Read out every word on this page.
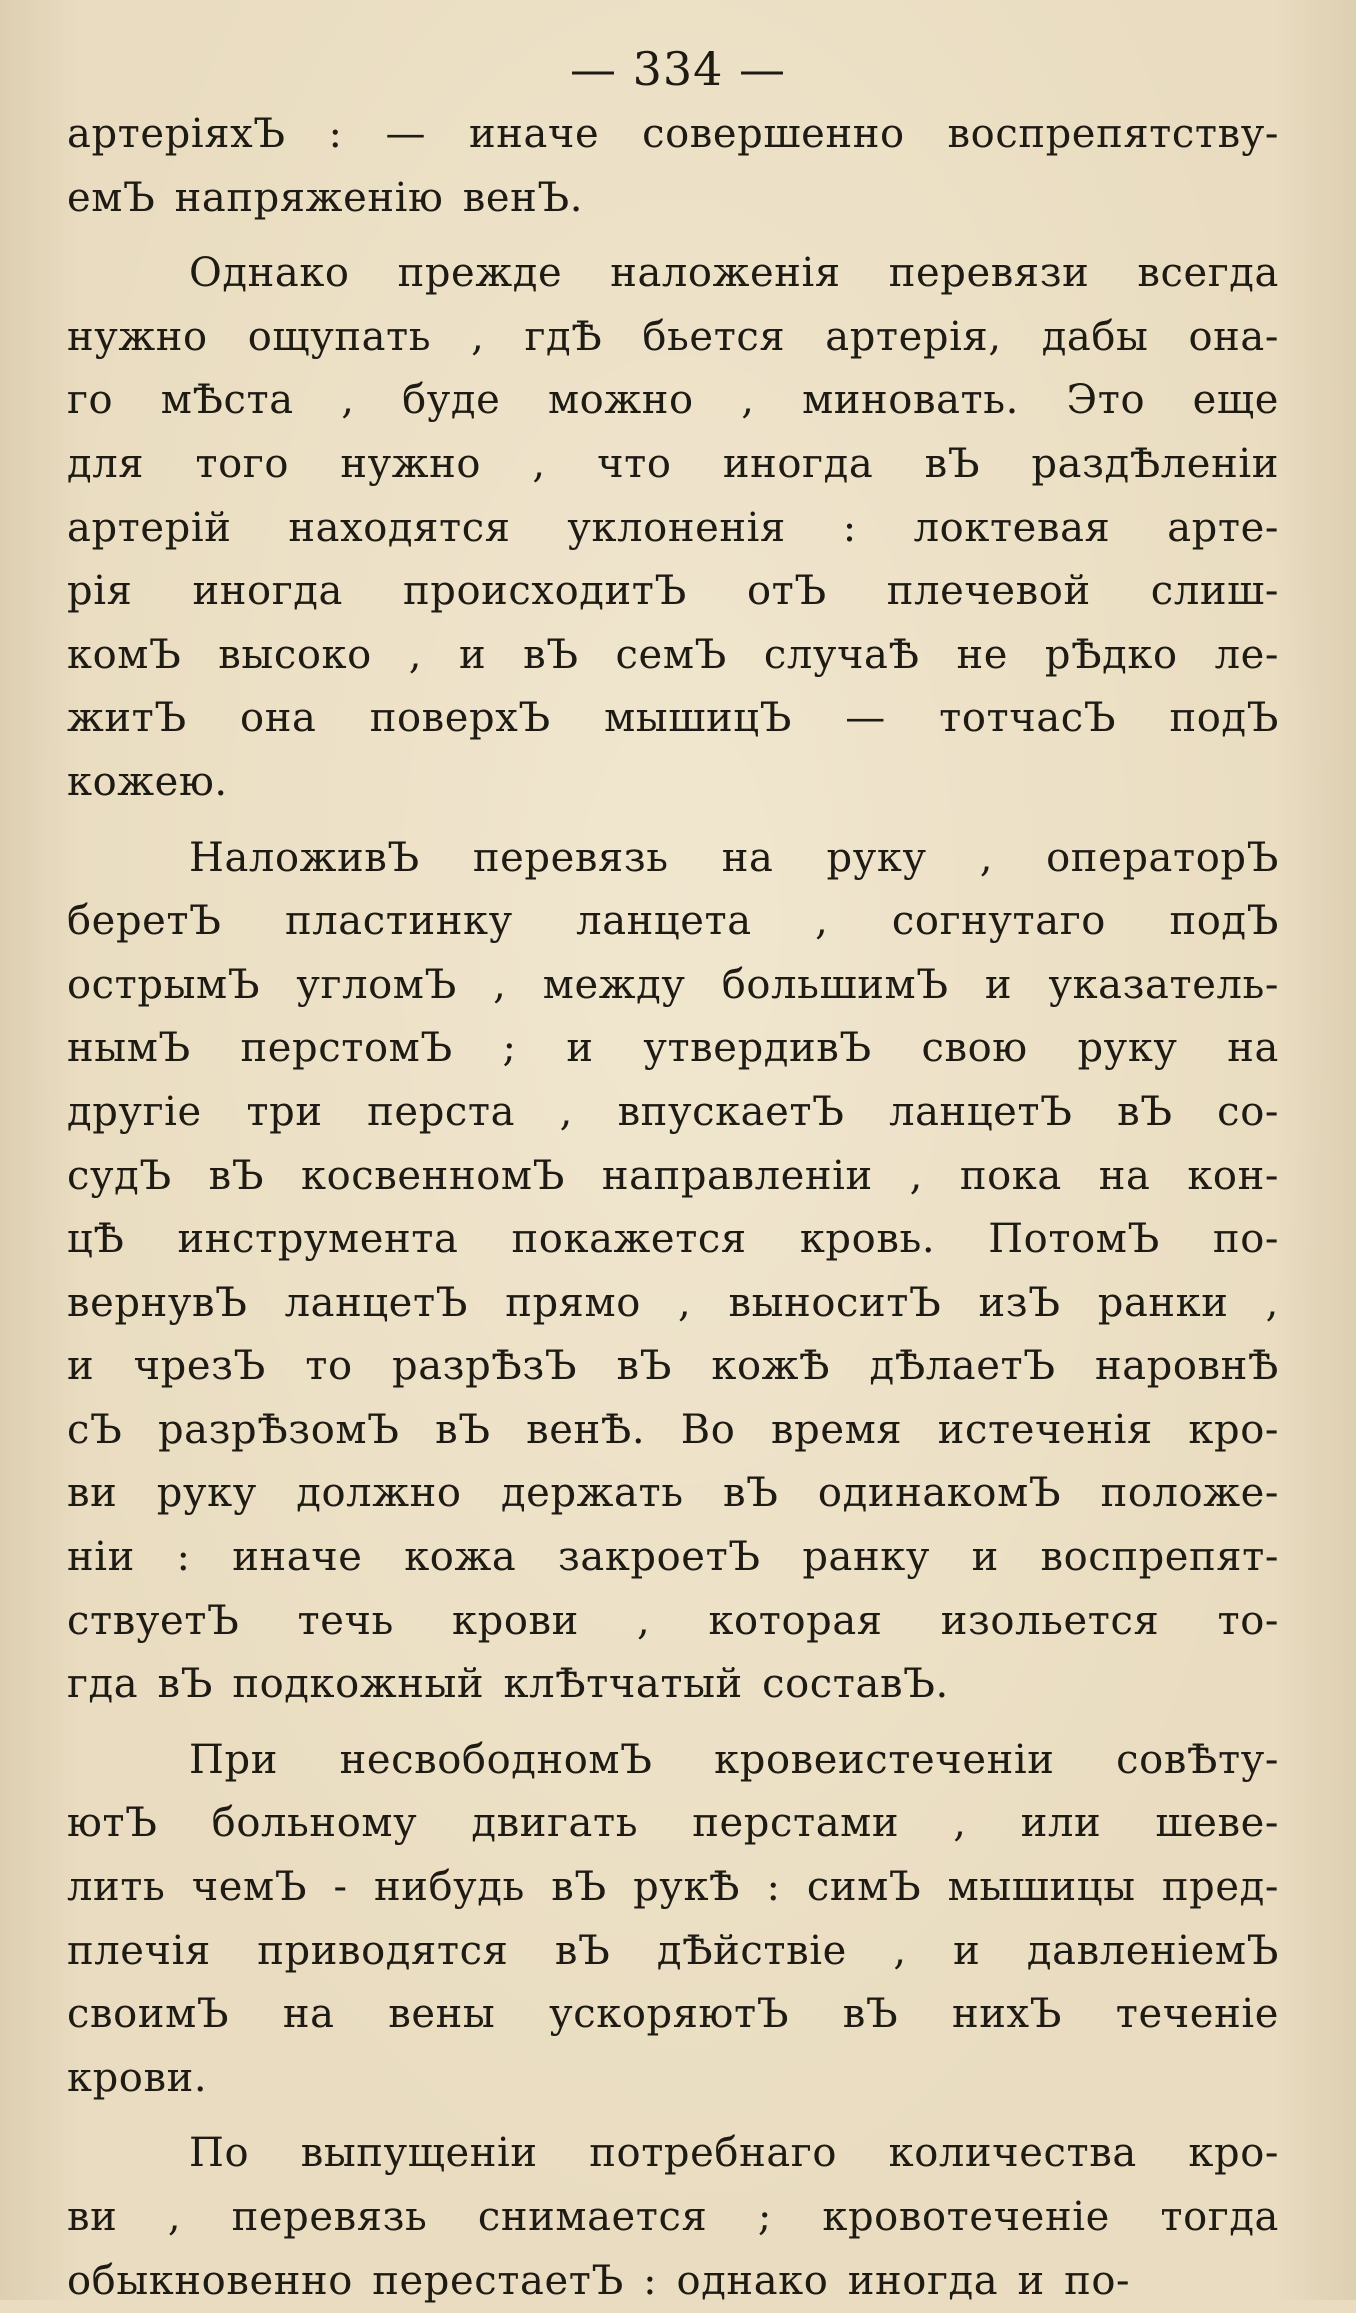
— 334 —
артеріяхЪ : — иначе совершенно воспрепятству-
емЪ напряженію венЪ.
Однако прежде наложенія перевязи всегда
нужно ощупать , гдѢ бьется артерія, дабы она-
го мѢста , буде можно , миновать. Это еще
для того нужно , что иногда вЪ раздѢленіи
артерій находятся уклоненія : локтевая арте-
рія иногда происходитЪ отЪ плечевой слиш-
комЪ высоко , и вЪ семЪ случаѢ не рѢдко ле-
житЪ она поверхЪ мышицЪ — тотчасЪ подЪ
кожею.
НаложивЪ перевязь на руку , операторЪ
беретЪ пластинку ланцета , согнутаго подЪ
острымЪ угломЪ , между большимЪ и указатель-
нымЪ перстомЪ ; и утвердивЪ свою руку на
другіе три перста , впускаетЪ ланцетЪ вЪ со-
судЪ вЪ косвенномЪ направленіи , пока на кон-
цѢ инструмента покажется кровь. ПотомЪ по-
вернувЪ ланцетЪ прямо , выноситЪ изЪ ранки ,
и чрезЪ то разрѢзЪ вЪ кожѢ дѢлаетЪ наровнѢ
сЪ разрѢзомЪ вЪ венѢ. Во время истеченія кро-
ви руку должно держать вЪ одинакомЪ положе-
ніи : иначе кожа закроетЪ ранку и воспрепят-
ствуетЪ течь крови , которая изольется то-
гда вЪ подкожный клѢтчатый составЪ.
При несвободномЪ кровеистеченіи совѢту-
ютЪ больному двигать перстами , или шеве-
лить чемЪ - нибудь вЪ рукѢ : симЪ мышицы пред-
плечія приводятся вЪ дѢйствіе , и давленіемЪ
своимЪ на вены ускоряютЪ вЪ нихЪ теченіе
крови.
По выпущеніи потребнаго количества кро-
ви , перевязь снимается ; кровотеченіе тогда
обыкновенно перестаетЪ : однако иногда и по-
